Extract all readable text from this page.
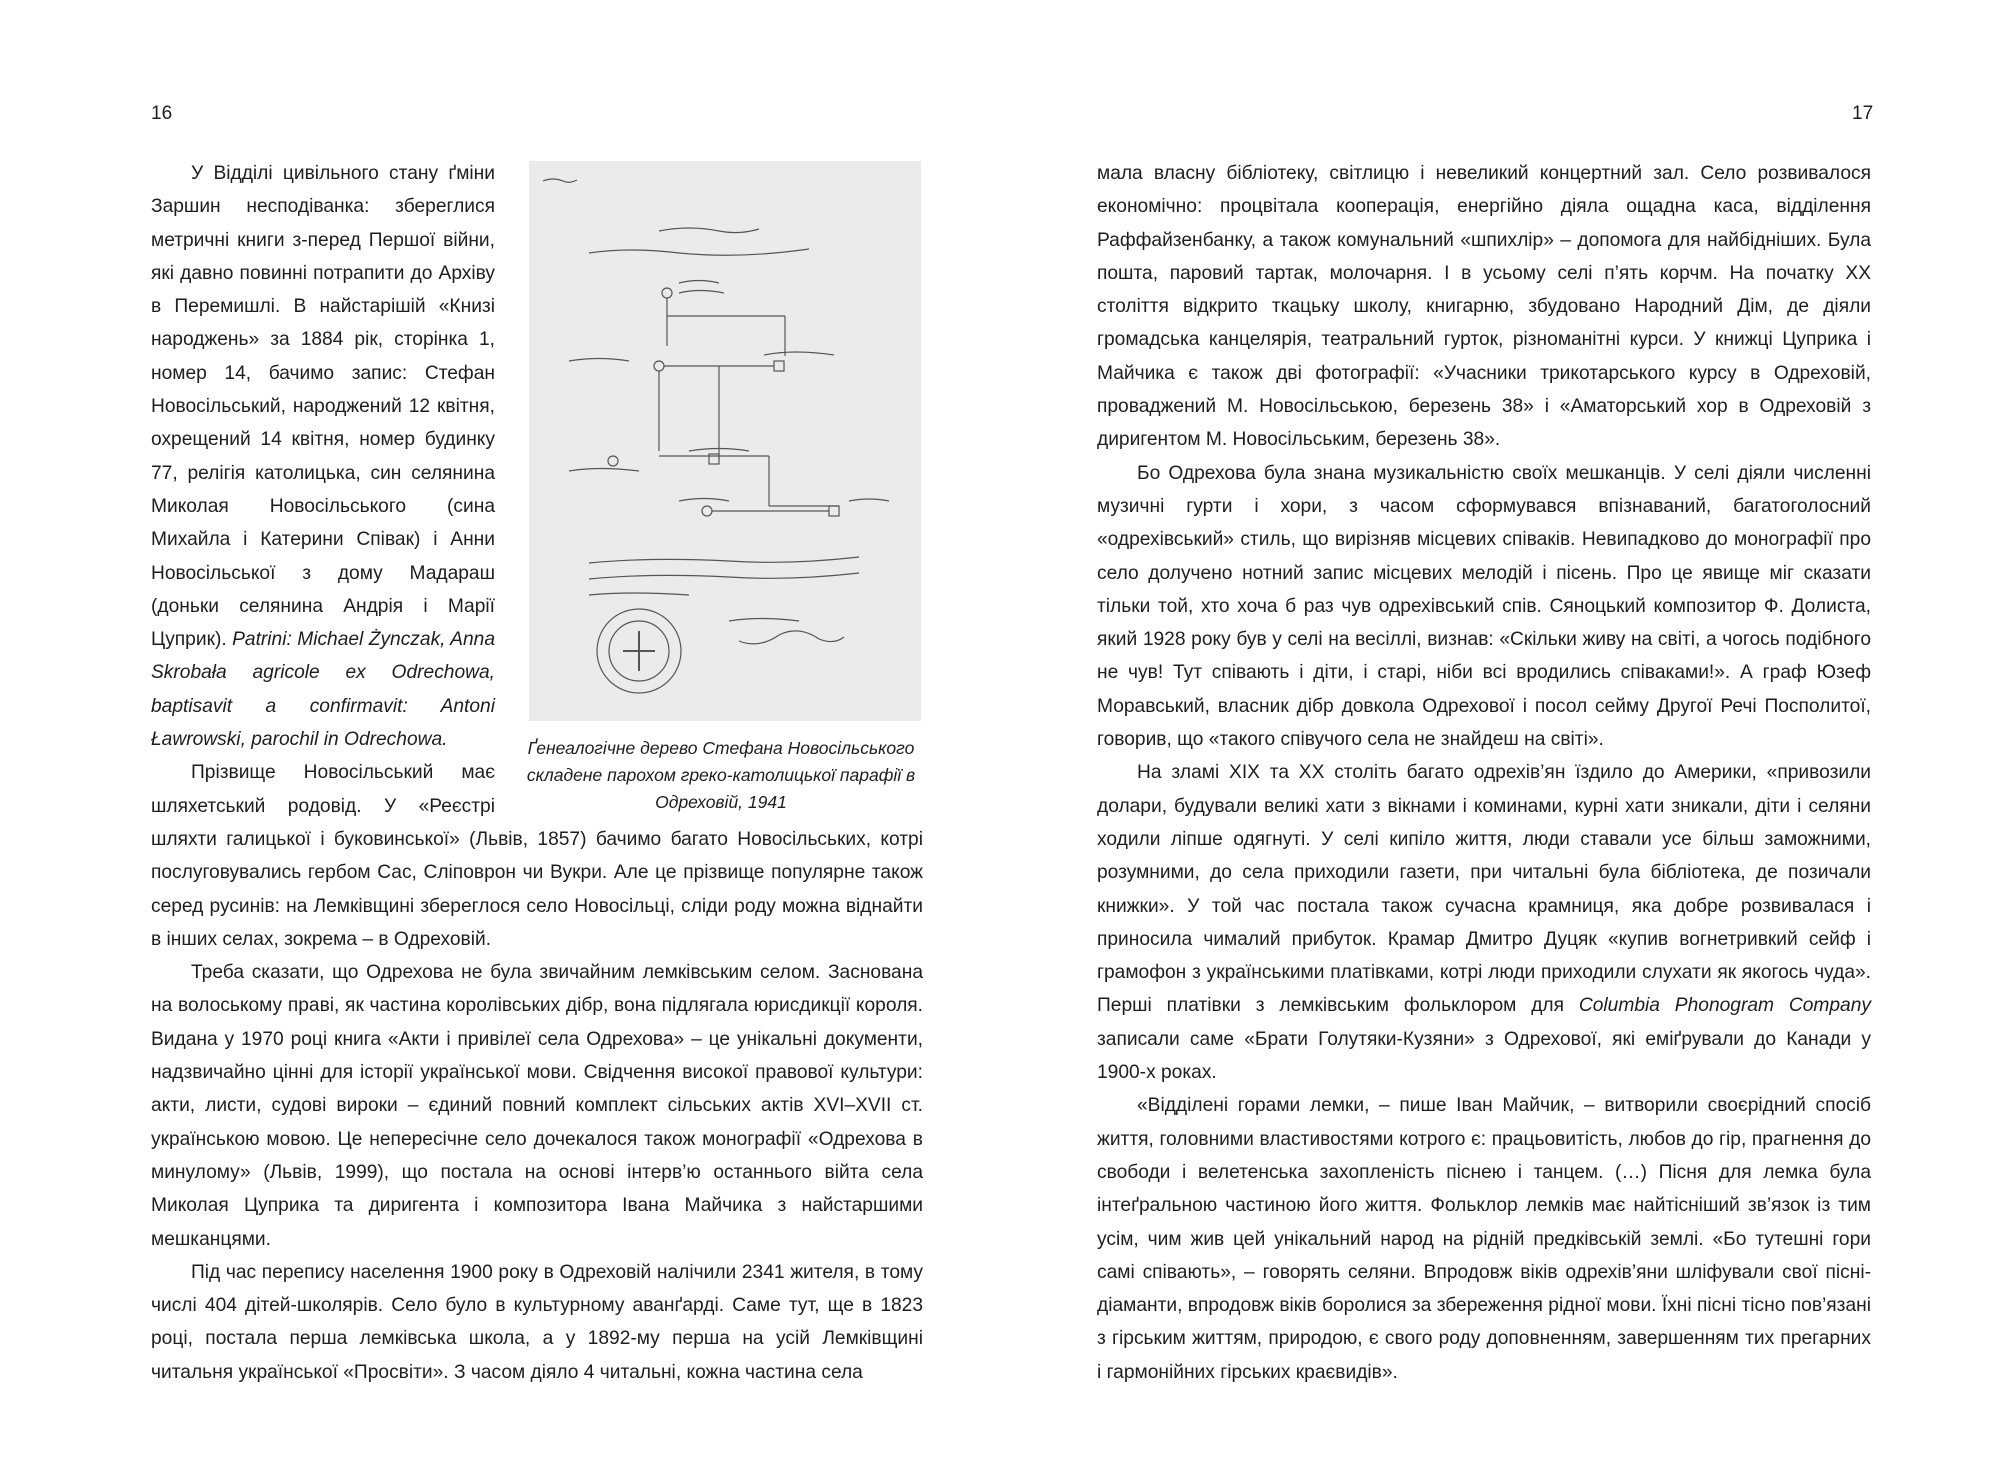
16	17
Ґенеалогічне дерево Стефана Новосільського
складене парохом греко-католицької парафії в
Одреховій, 1941

У Відділі цивільного стану ґміни Заршин несподіванка: збереглися метричні книги з-перед Першої війни, які давно повинні потрапити до Архіву в Перемишлі. В найстарішій «Книзі народжень» за 1884 рік, сторінка 1, номер 14, бачимо запис: Стефан Новосільський, народжений 12 квітня, охрещений 14 квітня, номер будинку 77, релігія католицька, син селянина Миколая Новосільського (сина Михайла і Катерини Співак) і Анни Новосільської з дому Мадараш (доньки селянина Андрія і Марії Цуприк). Patrini: Michael Żynczak, Anna Skrobała agricole ex Odrechowa, baptisavit a confirmavit: Antoni Ławrowski, parochil in Odrechowa.

Прізвище Новосільський має шляхетський родовід. У «Реєстрі шляхти галицької і буковинської» (Львів, 1857) бачимо багато Новосільських, котрі послуговувались гербом Сас, Сліповрон чи Вукри. Але це прізвище популярне також серед русинів: на Лемківщині збереглося село Новосільці, сліди роду можна віднайти в інших селах, зокрема – в Одреховій.

Треба сказати, що Одрехова не була звичайним лемківським селом. Заснована на волоському праві, як частина королівських дібр, вона підлягала юрисдикції короля. Видана у 1970 році книга «Акти і привілеї села Одрехова» – це унікальні документи, надзвичайно цінні для історії української мови. Свідчення високої правової культури: акти, листи, судові вироки – єдиний повний комплект сільських актів XVI–XVII ст. українською мовою. Це непересічне село дочекалося також монографії «Одрехова в минулому» (Львів, 1999), що постала на основі інтерв’ю останнього війта села Миколая Цуприка та диригента і композитора Івана Майчика з найстаршими мешканцями.

Під час перепису населення 1900 року в Одреховій налічили 2341 жителя, в тому числі 404 дітей-школярів. Село було в культурному аванґарді. Саме тут, ще в 1823 році, постала перша лемківська школа, а у 1892-му перша на усій Лемківщині читальня української «Просвіти». З часом діяло 4 читальні, кожна частина села

мала власну бібліотеку, світлицю і невеликий концертний зал. Село розвивалося економічно: процвітала кооперація, енергійно діяла ощадна каса, відділення Раффайзенбанку, а також комунальний «шпихлір» – допомога для найбідніших. Була пошта, паровий тартак, молочарня. І в усьому селі п’ять корчм. На початку XX століття відкрито ткацьку школу, книгарню, збудовано Народний Дім, де діяли громадська канцелярія, театральний гурток, різноманітні курси. У книжці Цуприка і Майчика є також дві фотографії: «Учасники трикотарського курсу в Одреховій, проваджений М. Новосільською, березень 38» і «Аматорський хор в Одреховій з диригентом М. Новосільським, березень 38».

Бо Одрехова була знана музикальністю своїх мешканців. У селі діяли численні музичні гурти і хори, з часом сформувався впізнаваний, багатоголосний «одрехівський» стиль, що вирізняв місцевих співаків. Невипадково до монографії про село долучено нотний запис місцевих мелодій і пісень. Про це явище міг сказати тільки той, хто хоча б раз чув одрехівський спів. Сяноцький композитор Ф. Долиста, який 1928 року був у селі на весіллі, визнав: «Скільки живу на світі, а чогось подібного не чув! Тут співають і діти, і старі, ніби всі вродились співаками!». А граф Юзеф Моравський, власник дібр довкола Одрехової і посол сейму Другої Речі Посполитої, говорив, що «такого співучого села не знайдеш на світі».

На зламі XIX та XX століть багато одрехів’ян їздило до Америки, «привозили долари, будували великі хати з вікнами і коминами, курні хати зникали, діти і селяни ходили ліпше одягнуті. У селі кипіло життя, люди ставали усе більш заможними, розумними, до села приходили газети, при читальні була бібліотека, де позичали книжки». У той час постала також сучасна крамниця, яка добре розвивалася і приносила чималий прибуток. Крамар Дмитро Дуцяк «купив вогнетривкий сейф і грамофон з українськими платівками, котрі люди приходили слухати як якогось чуда». Перші платівки з лемківським фольклором для Columbia Phonogram Company записали саме «Брати Голутяки-Кузяни» з Одрехової, які еміґрували до Канади у 1900-х роках.

«Відділені горами лемки, – пише Іван Майчик, – витворили своєрідний спосіб життя, головними властивостями котрого є: працьовитість, любов до гір, прагнення до свободи і велетенська захопленість піснею і танцем. (…) Пісня для лемка була інтеґральною частиною його життя. Фольклор лемків має найтісніший зв’язок із тим усім, чим жив цей унікальний народ на рідній предківській землі. «Бо тутешні гори самі співають», – говорять селяни. Впродовж віків одрехів’яни шліфували свої пісні-діаманти, впродовж віків боролися за збереження рідної мови. Їхні пісні тісно пов’язані з гірським життям, природою, є свого роду доповненням, завершенням тих прегарних і гармонійних гірських краєвидів».
